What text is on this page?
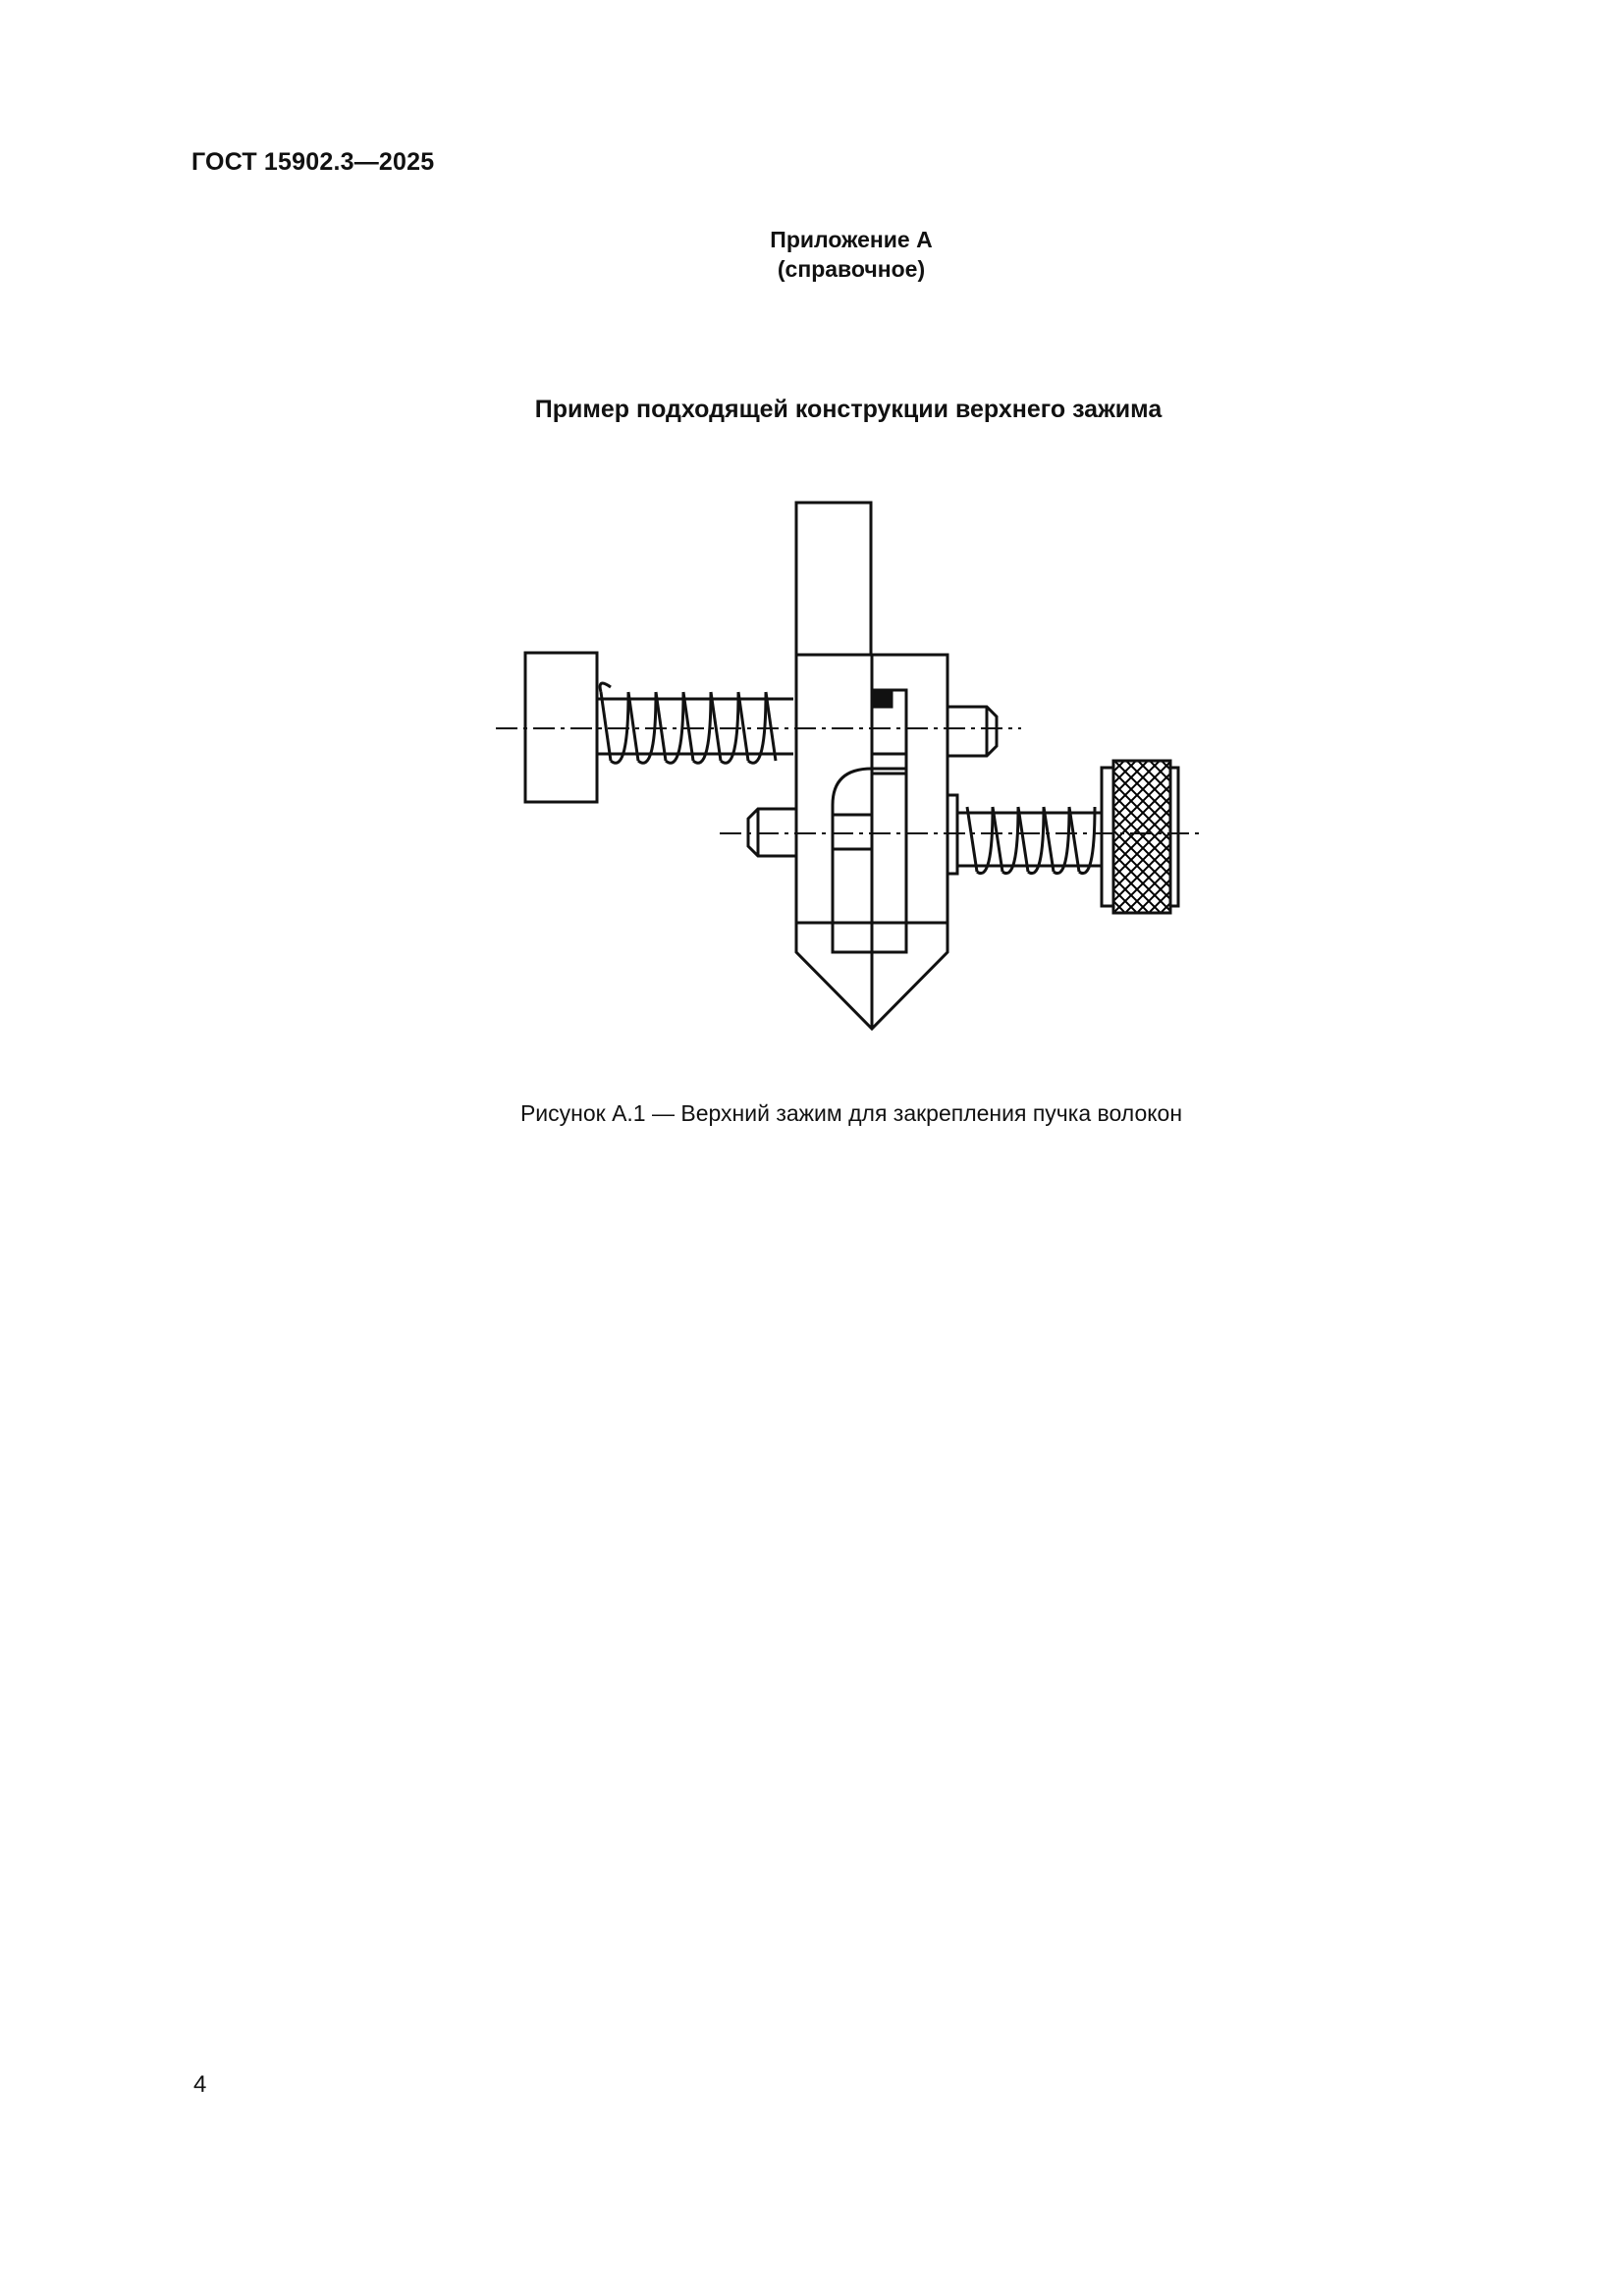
ГОСТ 15902.3—2025
Приложение А
(справочное)
Пример подходящей конструкции верхнего зажима
Рисунок А.1 — Верхний зажим для закрепления пучка волокон
4
